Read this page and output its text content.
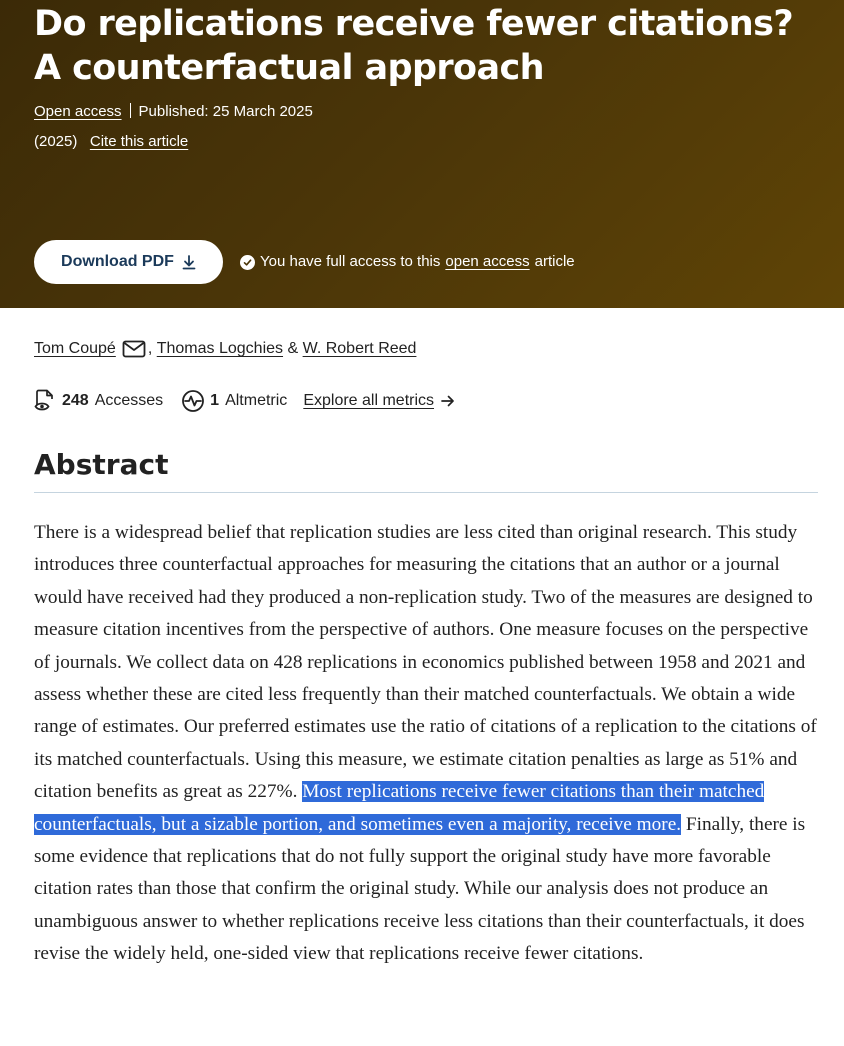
Do replications receive fewer citations? A counterfactual approach
Open access Published: 25 March 2025
(2025) Cite this article
Download PDF	You have full access to this open access article
Tom Coupé ,
Thomas Logchies
&
W. Robert Reed
248 Accesses	1 Altmetric Explore all metrics
Abstract

There is a widespread belief that replication studies are less cited than original research. This study introduces three counterfactual approaches for measuring the citations that an author or a journal would have received had they produced a non-replication study. Two of the measures are designed to measure citation incentives from the perspective of authors. One measure focuses on the perspective of journals. We collect data on 428 replications in economics published between 1958 and 2021 and assess whether these are cited less frequently than their matched counterfactuals. We obtain a wide range of estimates. Our preferred estimates use the ratio of citations of a replication to the citations of its matched counterfactuals. Using this measure, we estimate citation penalties as large as 51% and citation benefits as great as 227%. Most replications receive fewer citations than their matched counterfactuals, but a sizable portion, and sometimes even a majority, receive more. Finally, there is some evidence that replications that do not fully support the original study have more favorable citation rates than those that confirm the original study. While our analysis does not produce an unambiguous answer to whether replications receive less citations than their counterfactuals, it does revise the widely held, one-sided view that replications receive fewer citations.
